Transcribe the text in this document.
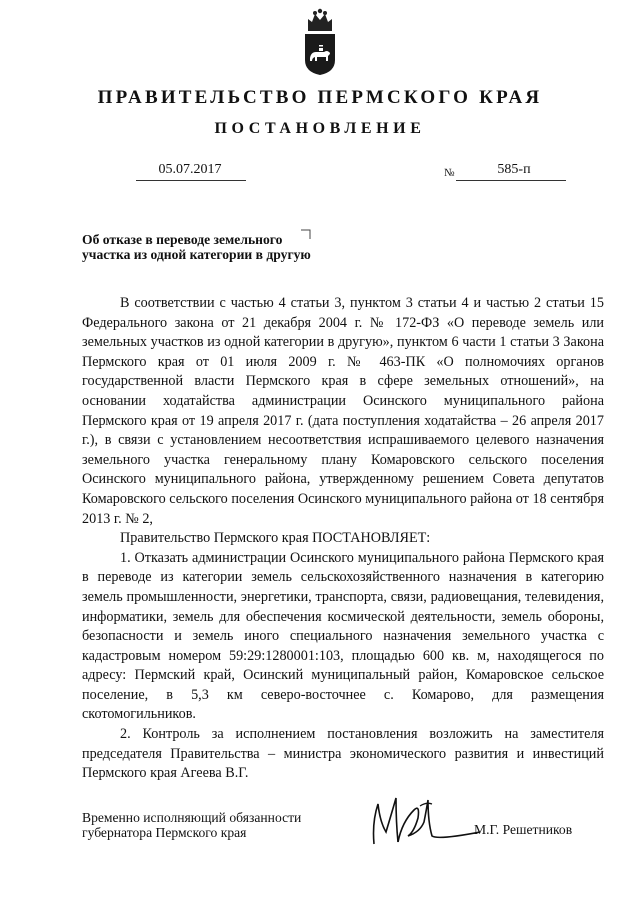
ПРАВИТЕЛЬСТВО ПЕРМСКОГО КРАЯ
ПОСТАНОВЛЕНИЕ
05.07.2017	№	585-п
Об отказе в переводе земельного
участка из одной категории в другую

В соответствии с частью 4 статьи 3, пунктом 3 статьи 4 и частью 2 статьи 15 Федерального закона от 21 декабря 2004 г. № 172-ФЗ «О переводе земель или земельных участков из одной категории в другую», пунктом 6 части 1 статьи 3 Закона Пермского края от 01 июля 2009 г. № 463-ПК «О полномочиях органов государственной власти Пермского края в сфере земельных отношений», на основании ходатайства администрации Осинского муниципального района Пермского края от 19 апреля 2017 г. (дата поступления ходатайства – 26 апреля 2017 г.), в связи с установлением несоответствия испрашиваемого целевого назначения земельного участка генеральному плану Комаровского сельского поселения Осинского муниципального района, утвержденному решением Совета депутатов Комаровского сельского поселения Осинского муниципального района от 18 сентября 2013 г. № 2,

Правительство Пермского края ПОСТАНОВЛЯЕТ:

1. Отказать администрации Осинского муниципального района Пермского края в переводе из категории земель сельскохозяйственного назначения в категорию земель промышленности, энергетики, транспорта, связи, радиовещания, телевидения, информатики, земель для обеспечения космической деятельности, земель обороны, безопасности и земель иного специального назначения земельного участка с кадастровым номером 59:29:1280001:103, площадью 600 кв. м, находящегося по адресу: Пермский край, Осинский муниципальный район, Комаровское сельское поселение, в 5,3 км северо-восточнее с. Комарово, для размещения скотомогильников.

2. Контроль за исполнением постановления возложить на заместителя председателя Правительства – министра экономического развития и инвестиций Пермского края Агеева В.Г.

Временно исполняющий обязанности
губернатора Пермского края	М.Г. Решетников
